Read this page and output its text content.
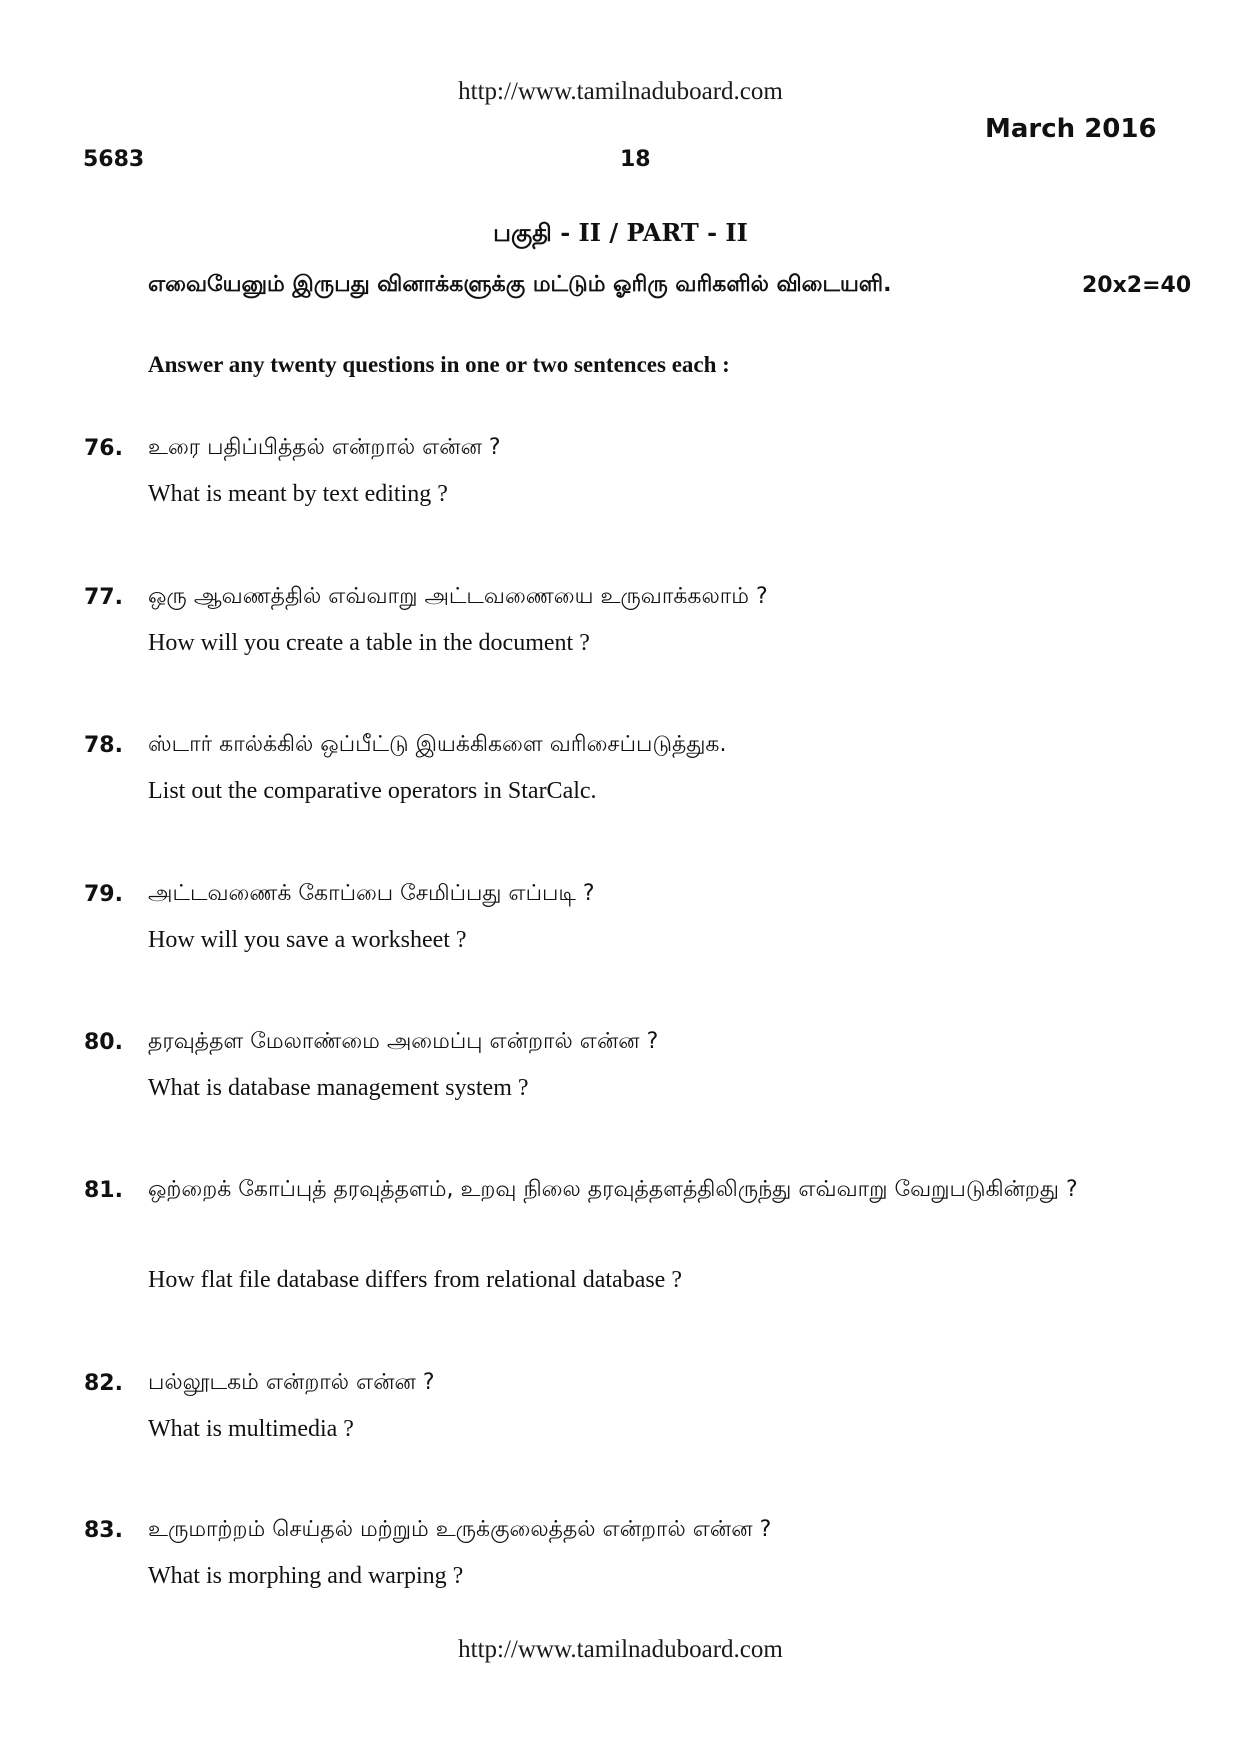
http://www.tamilnaduboard.com
March 2016
5683	18
பகுதி - II / PART - II
எவையேனும் இருபது வினாக்களுக்கு மட்டும் ஓரிரு வரிகளில் விடையளி.	20x2=40
Answer any twenty questions in one or two sentences each :
76. உரை பதிப்பித்தல் என்றால் என்ன ?
What is meant by text editing ?
77. ஒரு ஆவணத்தில் எவ்வாறு அட்டவணையை உருவாக்கலாம் ?
How will you create a table in the document ?
78. ஸ்டார் கால்க்கில் ஒப்பீட்டு இயக்கிகளை வரிசைப்படுத்துக.
List out the comparative operators in StarCalc.
79. அட்டவணைக் கோப்பை சேமிப்பது எப்படி ?
How will you save a worksheet ?
80. தரவுத்தள மேலாண்மை அமைப்பு என்றால் என்ன ?
What is database management system ?
81. ஒற்றைக் கோப்புத் தரவுத்தளம், உறவு நிலை தரவுத்தளத்திலிருந்து எவ்வாறு வேறுபடுகின்றது ?
How flat file database differs from relational database ?
82. பல்லூடகம் என்றால் என்ன ?
What is multimedia ?
83. உருமாற்றம் செய்தல் மற்றும் உருக்குலைத்தல் என்றால் என்ன ?
What is morphing and warping ?
http://www.tamilnaduboard.com
